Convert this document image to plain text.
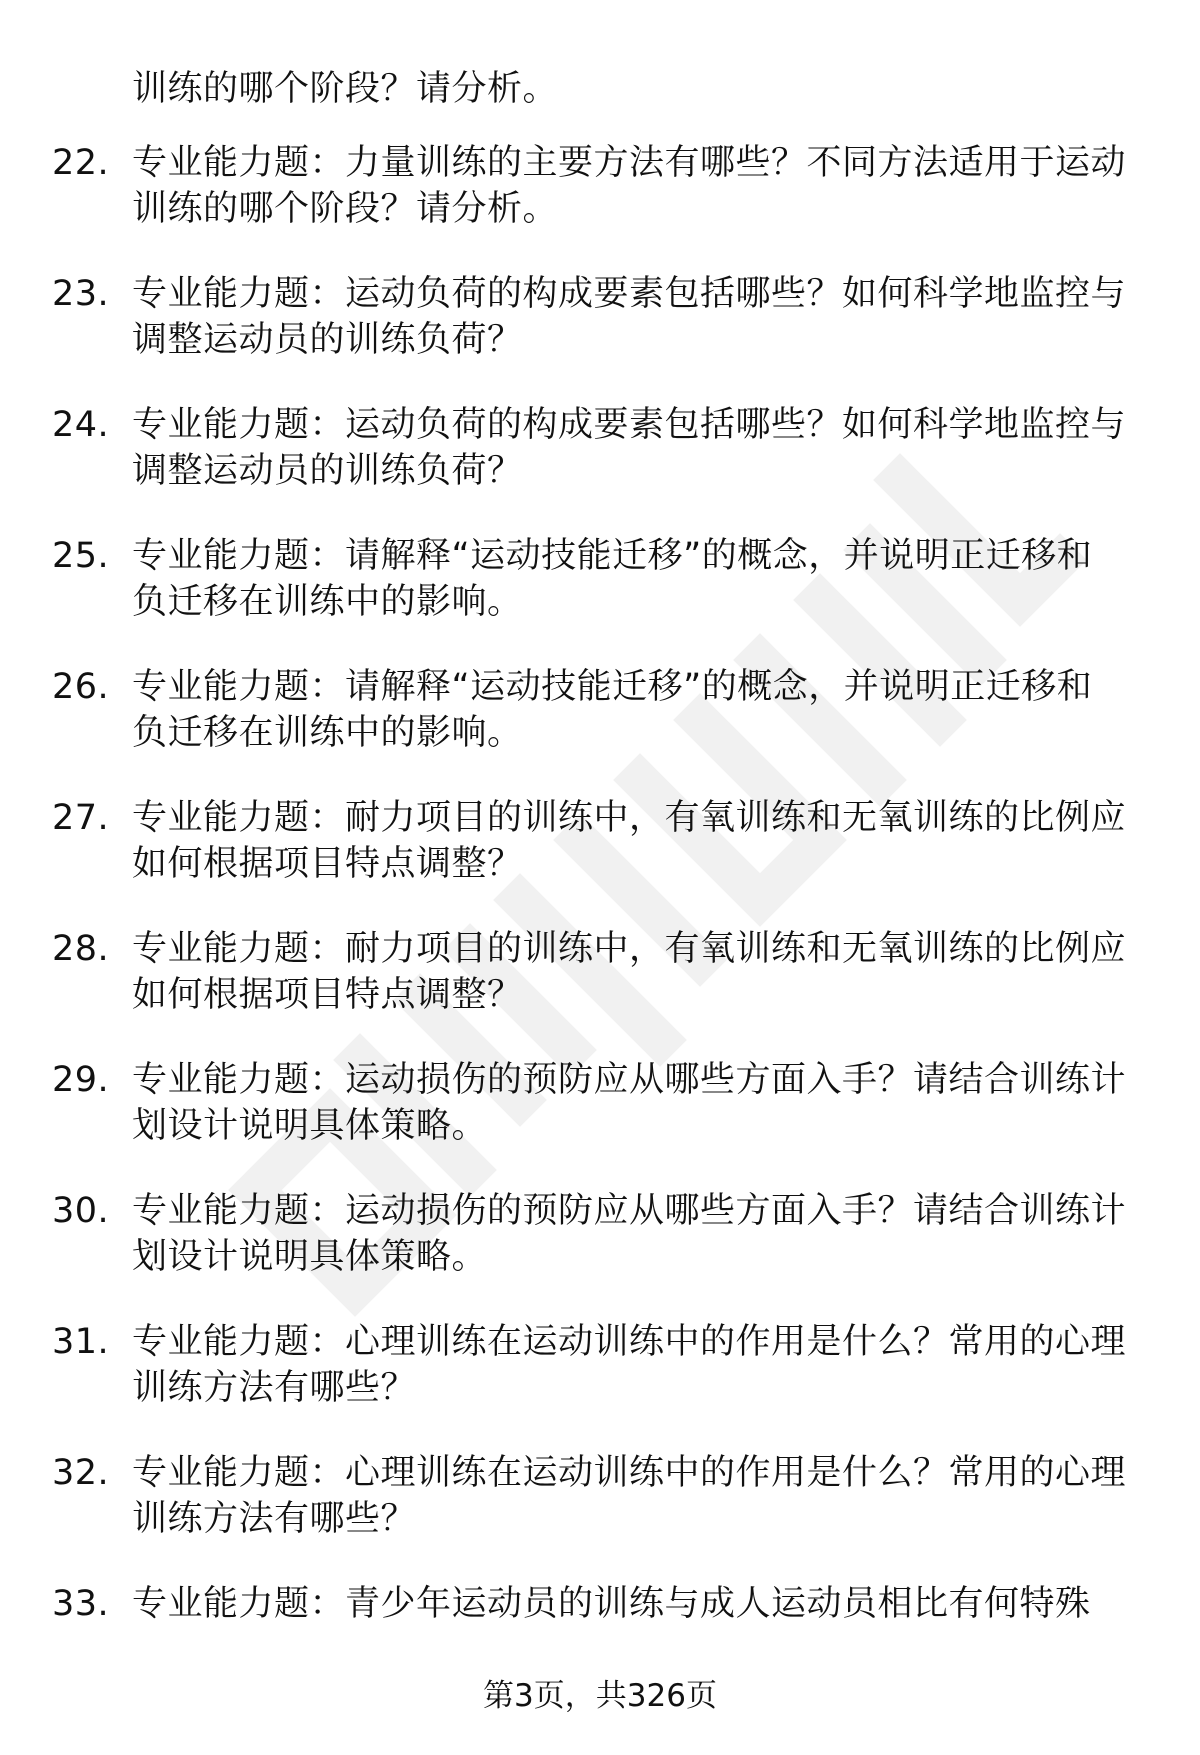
训练的哪个阶段？请分析。
22. 专业能力题：力量训练的主要方法有哪些？不同方法适用于运动
训练的哪个阶段？请分析。
23. 专业能力题：运动负荷的构成要素包括哪些？如何科学地监控与
调整运动员的训练负荷？
24. 专业能力题：运动负荷的构成要素包括哪些？如何科学地监控与
调整运动员的训练负荷？
25. 专业能力题：请解释“运动技能迁移”的概念，并说明正迁移和
负迁移在训练中的影响。
26. 专业能力题：请解释“运动技能迁移”的概念，并说明正迁移和
负迁移在训练中的影响。
27. 专业能力题：耐力项目的训练中，有氧训练和无氧训练的比例应
如何根据项目特点调整？
28. 专业能力题：耐力项目的训练中，有氧训练和无氧训练的比例应
如何根据项目特点调整？
29. 专业能力题：运动损伤的预防应从哪些方面入手？请结合训练计
划设计说明具体策略。
30. 专业能力题：运动损伤的预防应从哪些方面入手？请结合训练计
划设计说明具体策略。
31. 专业能力题：心理训练在运动训练中的作用是什么？常用的心理
训练方法有哪些？
32. 专业能力题：心理训练在运动训练中的作用是什么？常用的心理
训练方法有哪些？
33. 专业能力题：青少年运动员的训练与成人运动员相比有何特殊
第3页，共326页
